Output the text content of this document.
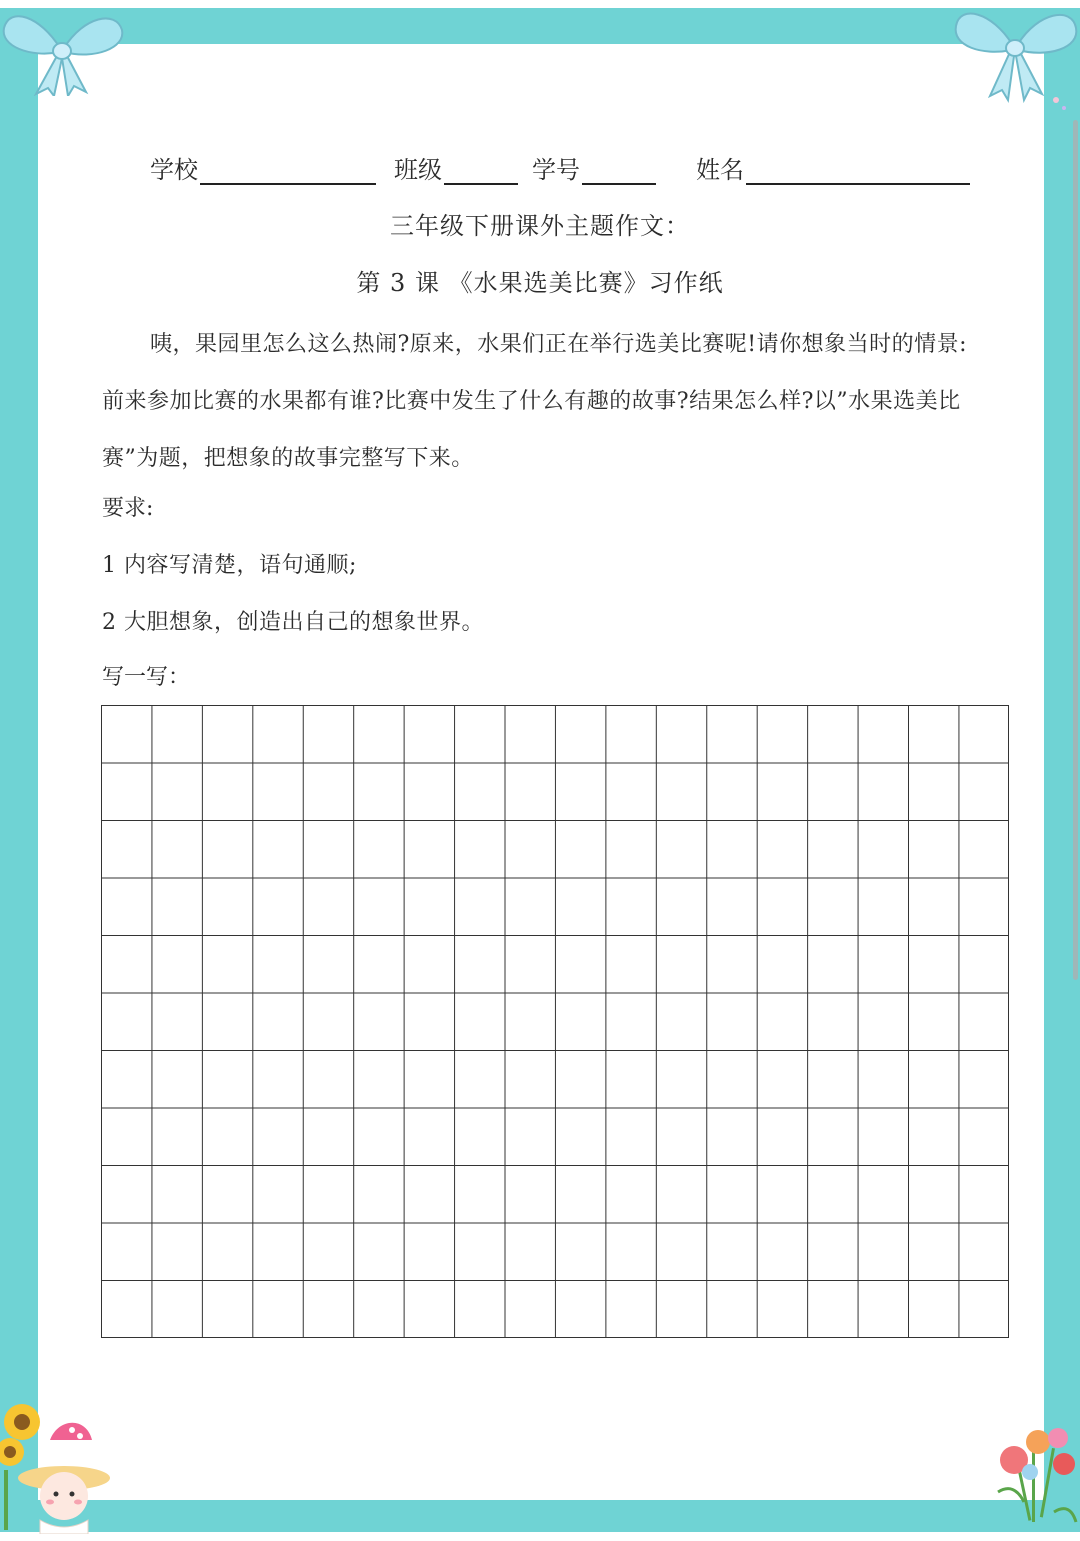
学校	班级	学号	姓名
三年级下册课外主题作文：
第 3 课 《水果选美比赛》习作纸

咦，果园里怎么这么热闹?原来，水果们正在举行选美比赛呢!请你想象当时的情景:前来参加比赛的水果都有谁?比赛中发生了什么有趣的故事?结果怎么样?以”水果选美比赛”为题，把想象的故事完整写下来。

要求:
1 内容写清楚，语句通顺;
2 大胆想象，创造出自己的想象世界。
写一写：
